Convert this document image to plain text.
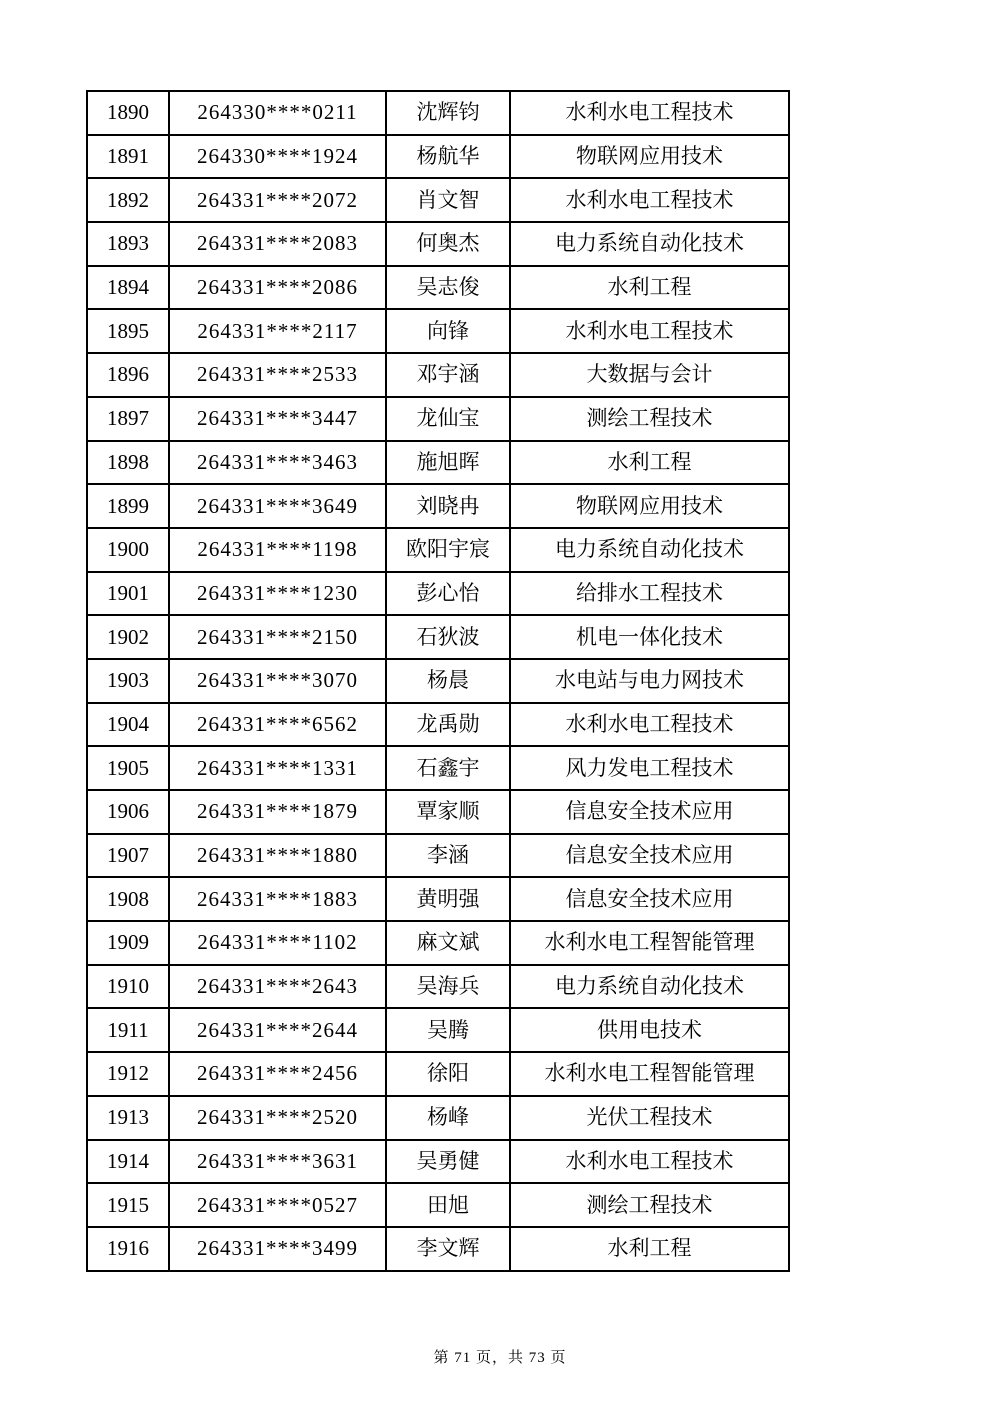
1890	264330****0211	沈辉钧	水利水电工程技术
1891	264330****1924	杨航华	物联网应用技术
1892	264331****2072	肖文智	水利水电工程技术
1893	264331****2083	何奥杰	电力系统自动化技术
1894	264331****2086	吴志俊	水利工程
1895	264331****2117	向锋	水利水电工程技术
1896	264331****2533	邓宇涵	大数据与会计
1897	264331****3447	龙仙宝	测绘工程技术
1898	264331****3463	施旭晖	水利工程
1899	264331****3649	刘晓冉	物联网应用技术
1900	264331****1198	欧阳宇宸	电力系统自动化技术
1901	264331****1230	彭心怡	给排水工程技术
1902	264331****2150	石狄波	机电一体化技术
1903	264331****3070	杨晨	水电站与电力网技术
1904	264331****6562	龙禹勋	水利水电工程技术
1905	264331****1331	石鑫宇	风力发电工程技术
1906	264331****1879	覃家顺	信息安全技术应用
1907	264331****1880	李涵	信息安全技术应用
1908	264331****1883	黄明强	信息安全技术应用
1909	264331****1102	麻文斌	水利水电工程智能管理
1910	264331****2643	吴海兵	电力系统自动化技术
1911	264331****2644	吴腾	供用电技术
1912	264331****2456	徐阳	水利水电工程智能管理
1913	264331****2520	杨峰	光伏工程技术
1914	264331****3631	吴勇健	水利水电工程技术
1915	264331****0527	田旭	测绘工程技术
1916	264331****3499	李文辉	水利工程
第 71 页，共 73 页
